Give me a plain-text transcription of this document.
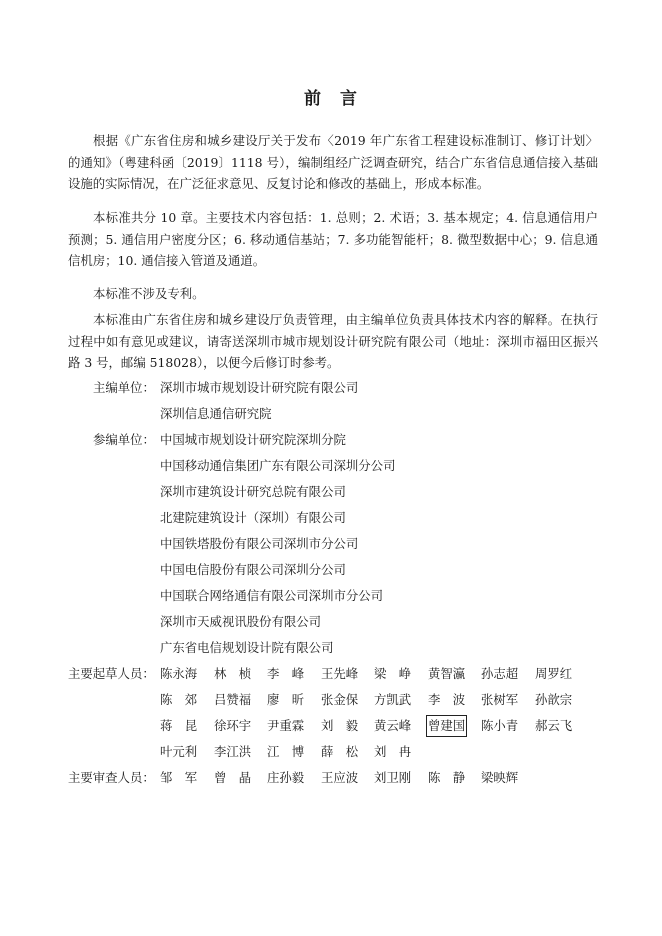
前　言

根据《广东省住房和城乡建设厅关于发布〈2019 年广东省工程建设标准制订、修订计划〉的通知》（粤建科函〔2019〕1118 号），编制组经广泛调查研究，结合广东省信息通信接入基础设施的实际情况，在广泛征求意见、反复讨论和修改的基础上，形成本标准。

本标准共分 10 章。主要技术内容包括：1. 总则；2. 术语；3. 基本规定；4. 信息通信用户预测；5. 通信用户密度分区；6. 移动通信基站；7. 多功能智能杆；8. 微型数据中心；9. 信息通信机房；10. 通信接入管道及通道。

本标准不涉及专利。

本标准由广东省住房和城乡建设厅负责管理，由主编单位负责具体技术内容的解释。在执行过程中如有意见或建议，请寄送深圳市城市规划设计研究院有限公司（地址：深圳市福田区振兴路 3 号，邮编 518028），以便今后修订时参考。

主编单位： 深圳市城市规划设计研究院有限公司
深圳信息通信研究院
参编单位： 中国城市规划设计研究院深圳分院
中国移动通信集团广东有限公司深圳分公司
深圳市建筑设计研究总院有限公司
北建院建筑设计（深圳）有限公司
中国铁塔股份有限公司深圳市分公司
中国电信股份有限公司深圳分公司
中国联合网络通信有限公司深圳市分公司
深圳市天威视讯股份有限公司
广东省电信规划设计院有限公司
主要起草人员： 陈永海 林　桢 李　峰 王先峰 梁　峥 黄智瀛 孙志超 周罗红
陈　郊 吕赞福 廖　昕 张金保 方凯武 李　波 张树军 孙歆宗
蒋　昆 徐环宇 尹重霖 刘　毅 黄云峰 曾建国 陈小青 郝云飞
叶元利 李江洪 江　博 薛　松 刘　冉
主要审查人员： 邹　军 曾　晶 庄孙毅 王应波 刘卫刚 陈　静 梁映辉
